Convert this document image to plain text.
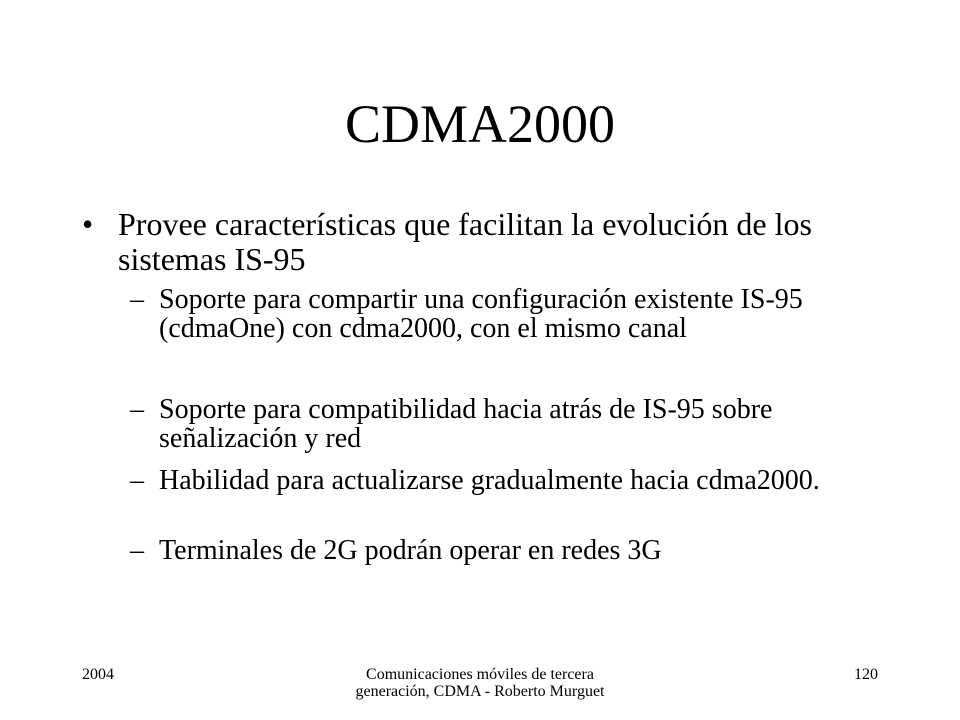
CDMA2000
• Provee características que facilitan la evolución de los sistemas IS-95
– Soporte para compartir una configuración existente IS-95 (cdmaOne) con cdma2000, con el mismo canal
– Soporte para compatibilidad hacia atrás de IS-95 sobre señalización y red
– Habilidad para actualizarse gradualmente hacia cdma2000.
– Terminales de 2G podrán operar en redes 3G
2004	Comunicaciones móviles de tercera generación, CDMA - Roberto Murguet
120
